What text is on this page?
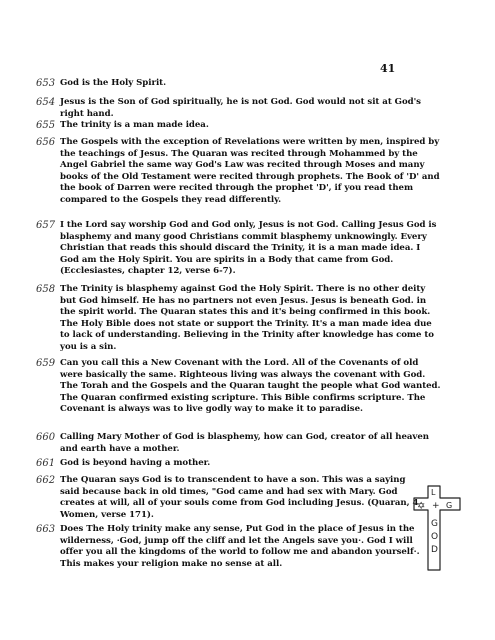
41
653 God is the Holy Spirit.
654 Jesus is the Son of God spiritually, he is not God. God would not sit at God's right hand.
655 The trinity is a man made idea.
656 The Gospels with the exception of Revelations were written by men, inspired by the teachings of Jesus. The Quaran was recited through Mohammed by the Angel Gabriel the same way God's Law was recited through Moses and many books of the Old Testament were recited through prophets. The Book of 'D' and the book of Darren were recited through the prophet 'D', if you read them compared to the Gospels they read differently.
657 I the Lord say worship God and God only, Jesus is not God. Calling Jesus God is blasphemy and many good Christians commit blasphemy unknowingly. Every Christian that reads this should discard the Trinity, it is a man made idea. I God am the Holy Spirit. You are spirits in a Body that came from God. (Ecclesiastes, chapter 12, verse 6-7).
658 The Trinity is blasphemy against God the Holy Spirit. There is no other deity but God himself. He has no partners not even Jesus. Jesus is beneath God. in the spirit world. The Quaran states this and it's being confirmed in this book. The Holy Bible does not state or support the Trinity. It's a man made idea due to lack of understanding. Believing in the Trinity after knowledge has come to you is a sin.
659 Can you call this a New Covenant with the Lord. All of the Covenants of old were basically the same. Righteous living was always the covenant with God. The Torah and the Gospels and the Quaran taught the people what God wanted. The Quaran confirmed existing scripture. This Bible confirms scripture. The Covenant is always was to live godly way to make it to paradise.
660 Calling Mary Mother of God is blasphemy, how can God, creator of all heaven and earth have a mother.
661 God is beyond having a mother.
662 The Quaran says God is to transcendent to have a son. This was a saying said because back in old times, "God came and had sex with Mary. God creates at will, all of your souls come from God including Jesus. (Quaran, 4 Women, verse 171).
663 Does The Holy trinity make any sense, Put God in the place of Jesus in the wilderness, ·God, jump off the cliff and let the Angels save you·. God I will offer you all the kingdoms of the world to follow me and abandon yourself·. This makes your religion make no sense at all.
✡
L
+ G
G
O
D
